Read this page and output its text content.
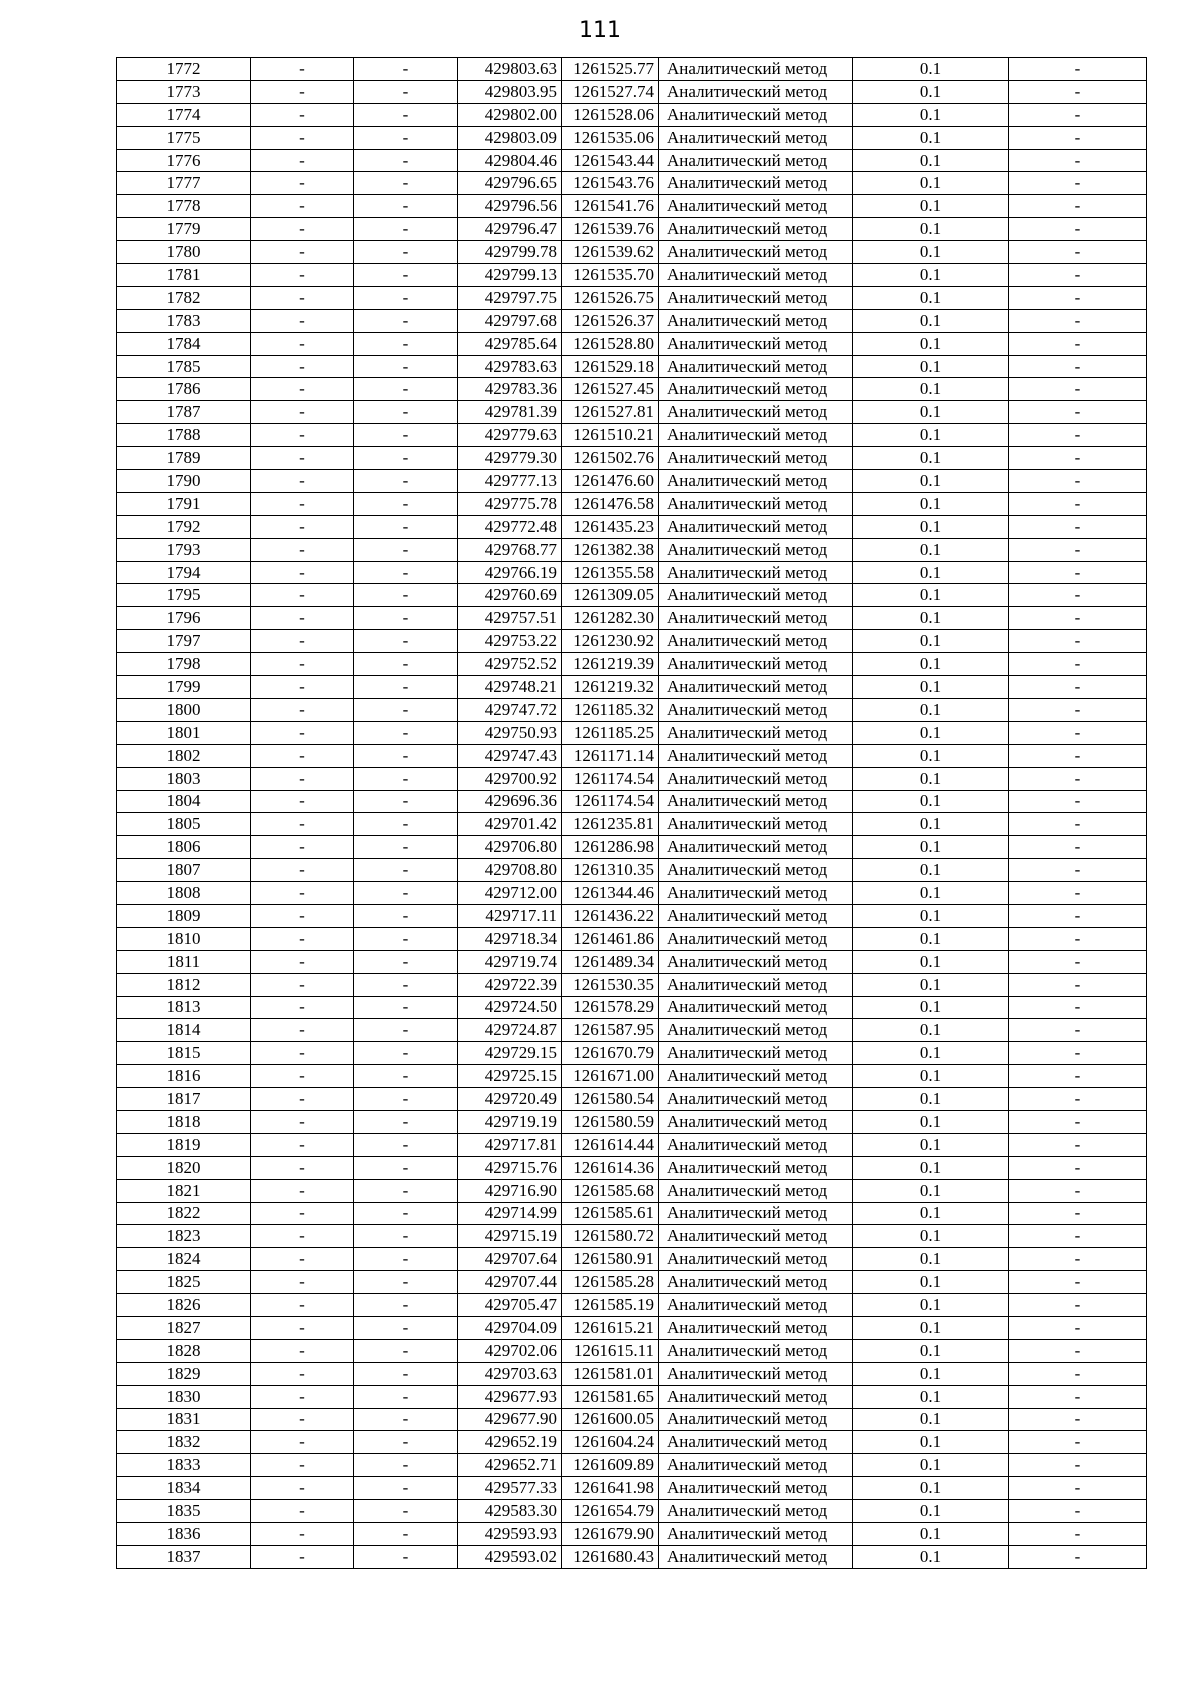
111
1772	-	-	429803.63	1261525.77	Аналитический метод	0.1	-
1773	-	-	429803.95	1261527.74	Аналитический метод	0.1	-
1774	-	-	429802.00	1261528.06	Аналитический метод	0.1	-
1775	-	-	429803.09	1261535.06	Аналитический метод	0.1	-
1776	-	-	429804.46	1261543.44	Аналитический метод	0.1	-
1777	-	-	429796.65	1261543.76	Аналитический метод	0.1	-
1778	-	-	429796.56	1261541.76	Аналитический метод	0.1	-
1779	-	-	429796.47	1261539.76	Аналитический метод	0.1	-
1780	-	-	429799.78	1261539.62	Аналитический метод	0.1	-
1781	-	-	429799.13	1261535.70	Аналитический метод	0.1	-
1782	-	-	429797.75	1261526.75	Аналитический метод	0.1	-
1783	-	-	429797.68	1261526.37	Аналитический метод	0.1	-
1784	-	-	429785.64	1261528.80	Аналитический метод	0.1	-
1785	-	-	429783.63	1261529.18	Аналитический метод	0.1	-
1786	-	-	429783.36	1261527.45	Аналитический метод	0.1	-
1787	-	-	429781.39	1261527.81	Аналитический метод	0.1	-
1788	-	-	429779.63	1261510.21	Аналитический метод	0.1	-
1789	-	-	429779.30	1261502.76	Аналитический метод	0.1	-
1790	-	-	429777.13	1261476.60	Аналитический метод	0.1	-
1791	-	-	429775.78	1261476.58	Аналитический метод	0.1	-
1792	-	-	429772.48	1261435.23	Аналитический метод	0.1	-
1793	-	-	429768.77	1261382.38	Аналитический метод	0.1	-
1794	-	-	429766.19	1261355.58	Аналитический метод	0.1	-
1795	-	-	429760.69	1261309.05	Аналитический метод	0.1	-
1796	-	-	429757.51	1261282.30	Аналитический метод	0.1	-
1797	-	-	429753.22	1261230.92	Аналитический метод	0.1	-
1798	-	-	429752.52	1261219.39	Аналитический метод	0.1	-
1799	-	-	429748.21	1261219.32	Аналитический метод	0.1	-
1800	-	-	429747.72	1261185.32	Аналитический метод	0.1	-
1801	-	-	429750.93	1261185.25	Аналитический метод	0.1	-
1802	-	-	429747.43	1261171.14	Аналитический метод	0.1	-
1803	-	-	429700.92	1261174.54	Аналитический метод	0.1	-
1804	-	-	429696.36	1261174.54	Аналитический метод	0.1	-
1805	-	-	429701.42	1261235.81	Аналитический метод	0.1	-
1806	-	-	429706.80	1261286.98	Аналитический метод	0.1	-
1807	-	-	429708.80	1261310.35	Аналитический метод	0.1	-
1808	-	-	429712.00	1261344.46	Аналитический метод	0.1	-
1809	-	-	429717.11	1261436.22	Аналитический метод	0.1	-
1810	-	-	429718.34	1261461.86	Аналитический метод	0.1	-
1811	-	-	429719.74	1261489.34	Аналитический метод	0.1	-
1812	-	-	429722.39	1261530.35	Аналитический метод	0.1	-
1813	-	-	429724.50	1261578.29	Аналитический метод	0.1	-
1814	-	-	429724.87	1261587.95	Аналитический метод	0.1	-
1815	-	-	429729.15	1261670.79	Аналитический метод	0.1	-
1816	-	-	429725.15	1261671.00	Аналитический метод	0.1	-
1817	-	-	429720.49	1261580.54	Аналитический метод	0.1	-
1818	-	-	429719.19	1261580.59	Аналитический метод	0.1	-
1819	-	-	429717.81	1261614.44	Аналитический метод	0.1	-
1820	-	-	429715.76	1261614.36	Аналитический метод	0.1	-
1821	-	-	429716.90	1261585.68	Аналитический метод	0.1	-
1822	-	-	429714.99	1261585.61	Аналитический метод	0.1	-
1823	-	-	429715.19	1261580.72	Аналитический метод	0.1	-
1824	-	-	429707.64	1261580.91	Аналитический метод	0.1	-
1825	-	-	429707.44	1261585.28	Аналитический метод	0.1	-
1826	-	-	429705.47	1261585.19	Аналитический метод	0.1	-
1827	-	-	429704.09	1261615.21	Аналитический метод	0.1	-
1828	-	-	429702.06	1261615.11	Аналитический метод	0.1	-
1829	-	-	429703.63	1261581.01	Аналитический метод	0.1	-
1830	-	-	429677.93	1261581.65	Аналитический метод	0.1	-
1831	-	-	429677.90	1261600.05	Аналитический метод	0.1	-
1832	-	-	429652.19	1261604.24	Аналитический метод	0.1	-
1833	-	-	429652.71	1261609.89	Аналитический метод	0.1	-
1834	-	-	429577.33	1261641.98	Аналитический метод	0.1	-
1835	-	-	429583.30	1261654.79	Аналитический метод	0.1	-
1836	-	-	429593.93	1261679.90	Аналитический метод	0.1	-
1837	-	-	429593.02	1261680.43	Аналитический метод	0.1	-
